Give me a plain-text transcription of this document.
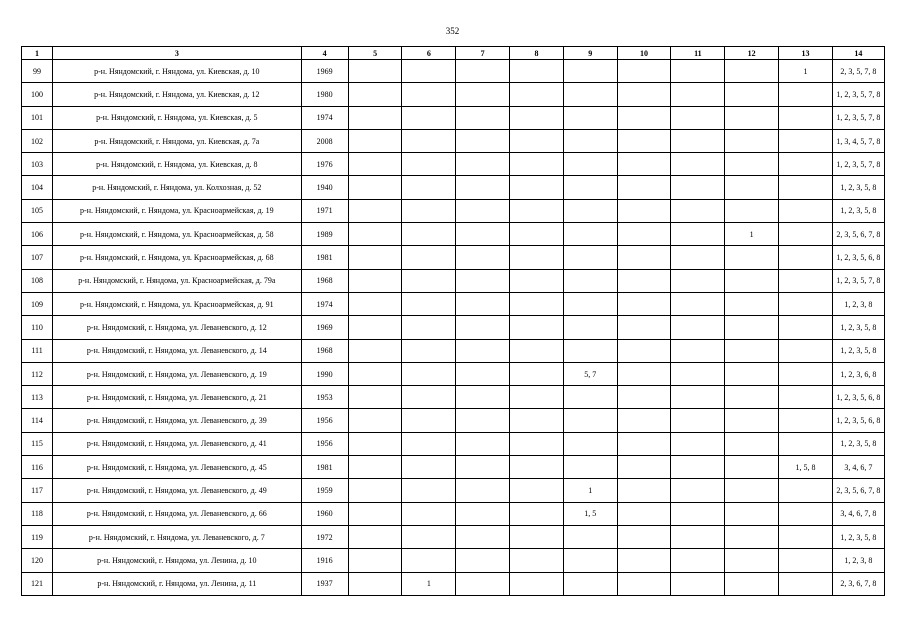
352
1	3	4	5	6	7	8	9	10	11	12	13	14
99	р-н. Няндомский, г. Няндома, ул. Киевская, д. 10	1969									1	2, 3, 5, 7, 8
100	р-н. Няндомский, г. Няндома, ул. Киевская, д. 12	1980										1, 2, 3, 5, 7, 8
101	р-н. Няндомский, г. Няндома, ул. Киевская, д. 5	1974										1, 2, 3, 5, 7, 8
102	р-н. Няндомский, г. Няндома, ул. Киевская, д. 7а	2008										1, 3, 4, 5, 7, 8
103	р-н. Няндомский, г. Няндома, ул. Киевская, д. 8	1976										1, 2, 3, 5, 7, 8
104	р-н. Няндомский, г. Няндома, ул. Колхозная, д. 52	1940										1, 2, 3, 5, 8
105	р-н. Няндомский, г. Няндома, ул. Красноармейская, д. 19	1971										1, 2, 3, 5, 8
106	р-н. Няндомский, г. Няндома, ул. Красноармейская, д. 58	1989								1		2, 3, 5, 6, 7, 8
107	р-н. Няндомский, г. Няндома, ул. Красноармейская, д. 68	1981										1, 2, 3, 5, 6, 8
108	р-н. Няндомский, г. Няндома, ул. Красноармейская, д. 79а	1968										1, 2, 3, 5, 7, 8
109	р-н. Няндомский, г. Няндома, ул. Красноармейская, д. 91	1974										1, 2, 3, 8
110	р-н. Няндомский, г. Няндома, ул. Леваневского, д. 12	1969										1, 2, 3, 5, 8
111	р-н. Няндомский, г. Няндома, ул. Леваневского, д. 14	1968										1, 2, 3, 5, 8
112	р-н. Няндомский, г. Няндома, ул. Леваневского, д. 19	1990					5, 7					1, 2, 3, 6, 8
113	р-н. Няндомский, г. Няндома, ул. Леваневского, д. 21	1953										1, 2, 3, 5, 6, 8
114	р-н. Няндомский, г. Няндома, ул. Леваневского, д. 39	1956										1, 2, 3, 5, 6, 8
115	р-н. Няндомский, г. Няндома, ул. Леваневского, д. 41	1956										1, 2, 3, 5, 8
116	р-н. Няндомский, г. Няндома, ул. Леваневского, д. 45	1981									1, 5, 8	3, 4, 6, 7
117	р-н. Няндомский, г. Няндома, ул. Леваневского, д. 49	1959					1					2, 3, 5, 6, 7, 8
118	р-н. Няндомский, г. Няндома, ул. Леваневского, д. 66	1960					1, 5					3, 4, 6, 7, 8
119	р-н. Няндомский, г. Няндома, ул. Леваневского, д. 7	1972										1, 2, 3, 5, 8
120	р-н. Няндомский, г. Няндома, ул. Ленина, д. 10	1916										1, 2, 3, 8
121	р-н. Няндомский, г. Няндома, ул. Ленина, д. 11	1937		1								2, 3, 6, 7, 8
